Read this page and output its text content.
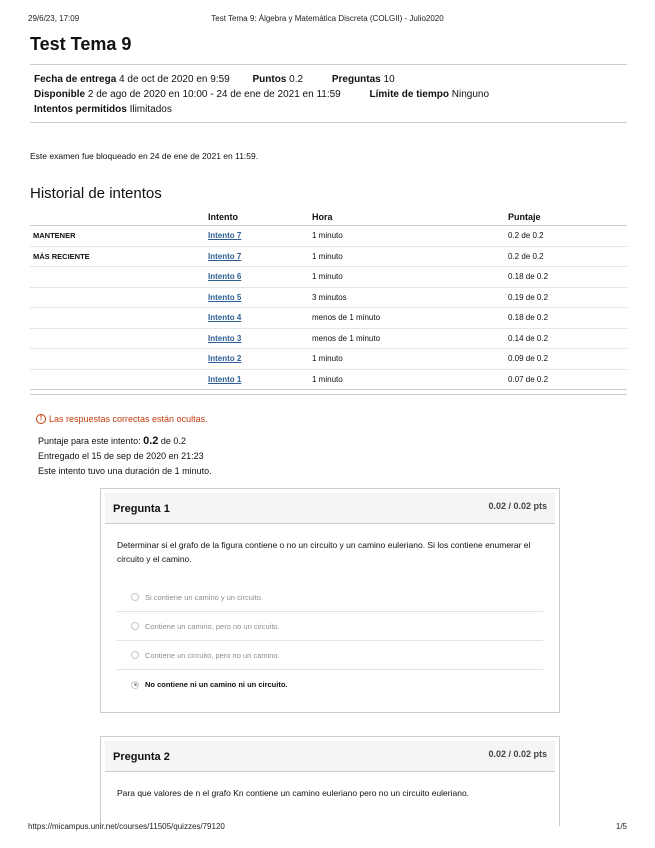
29/6/23, 17:09	Test Tema 9: Álgebra y Matemática Discreta (COLGII) - Julio2020
Test Tema 9
Fecha de entrega 4 de oct de 2020 en 9:59 Puntos 0.2	Preguntas 10
Disponible 2 de ago de 2020 en 10:00 - 24 de ene de 2021 en 11:59	Límite de tiempo Ninguno
Intentos permitidos Ilimitados

Este examen fue bloqueado en 24 de ene de 2021 en 11:59.

Historial de intentos
	Intento	Hora	Puntaje
MANTENER	Intento 7	1 minuto	0.2 de 0.2
MÁS RECIENTE	Intento 7	1 minuto	0.2 de 0.2
	Intento 6	1 minuto	0.18 de 0.2
	Intento 5	3 minutos	0.19 de 0.2
	Intento 4	menos de 1 minuto	0.18 de 0.2
	Intento 3	menos de 1 minuto	0.14 de 0.2
	Intento 2	1 minuto	0.09 de 0.2
	Intento 1	1 minuto	0.07 de 0.2
! Las respuestas correctas están ocultas.
Puntaje para este intento: 0.2 de 0.2
Entregado el 15 de sep de 2020 en 21:23
Este intento tuvo una duración de 1 minuto.
Pregunta 1	0.02 / 0.02 pts

Determinar si el grafo de la figura contiene o no un circuito y un camino euleriano. Si los contiene enumerar el circuito y el camino.

Si contiene un camino y un circuito.
Contiene un camino, pero no un circuito.
Contiene un circuito, pero no un camino.
No contiene ni un camino ni un circuito.
Pregunta 2	0.02 / 0.02 pts

Para que valores de n el grafo Kn contiene un camino euleriano pero no un circuito euleriano.

https://micampus.unir.net/courses/11505/quizzes/79120	1/5
